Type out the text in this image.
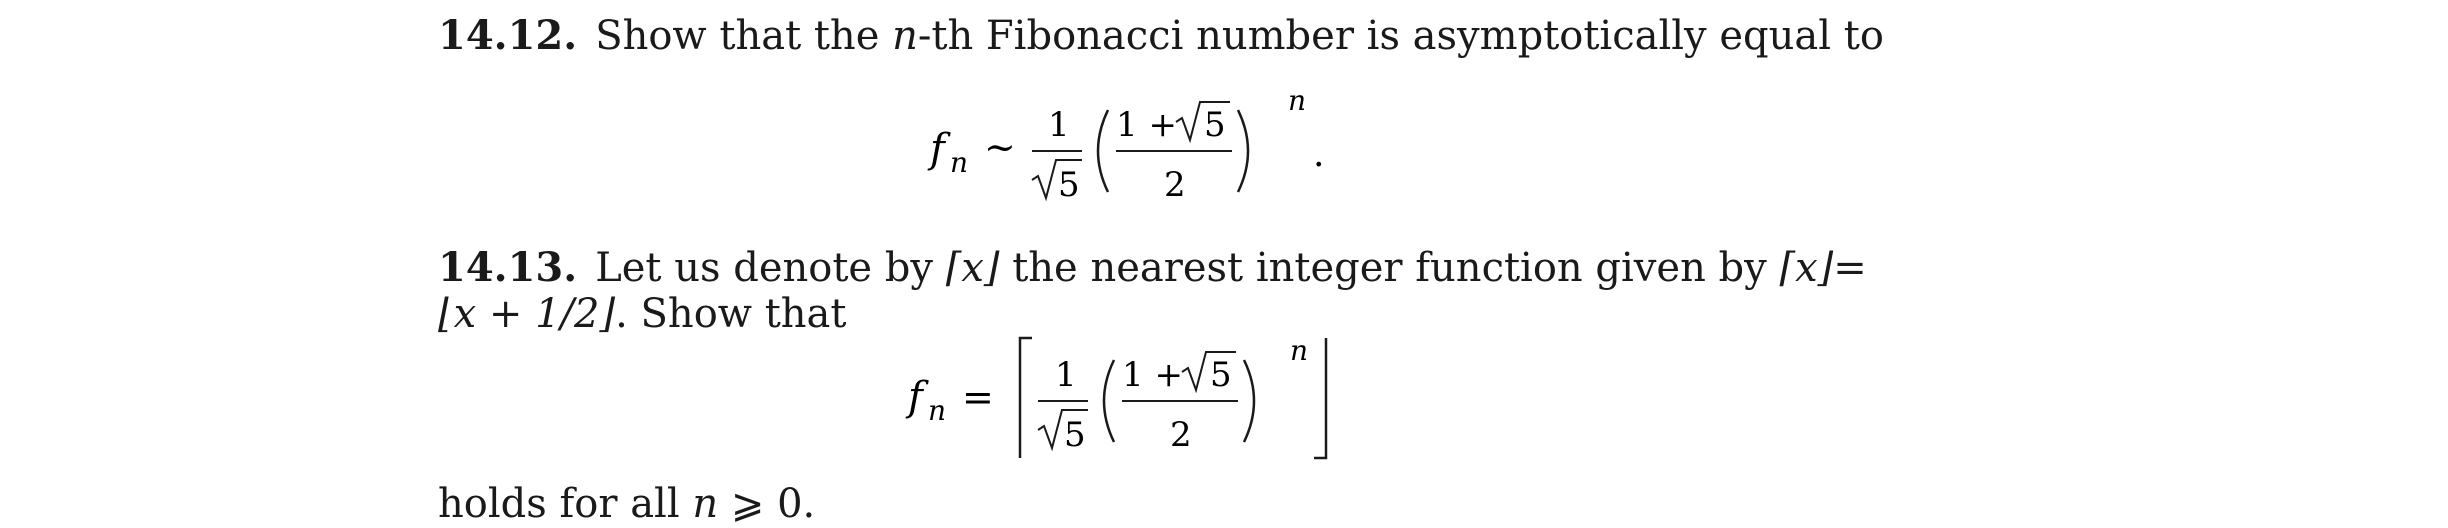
14.12. Show that the n-th Fibonacci number is asymptotically equal to
f n ~ 1
5
1 + 5
2
n
.
14.13. Let us denote by ⌈x⌋ the nearest integer function given by ⌈x⌋ =
⌊x + 1/2⌋. Show that
f n = 1
5
1 + 5
2
n
holds for all n ⩾ 0.
